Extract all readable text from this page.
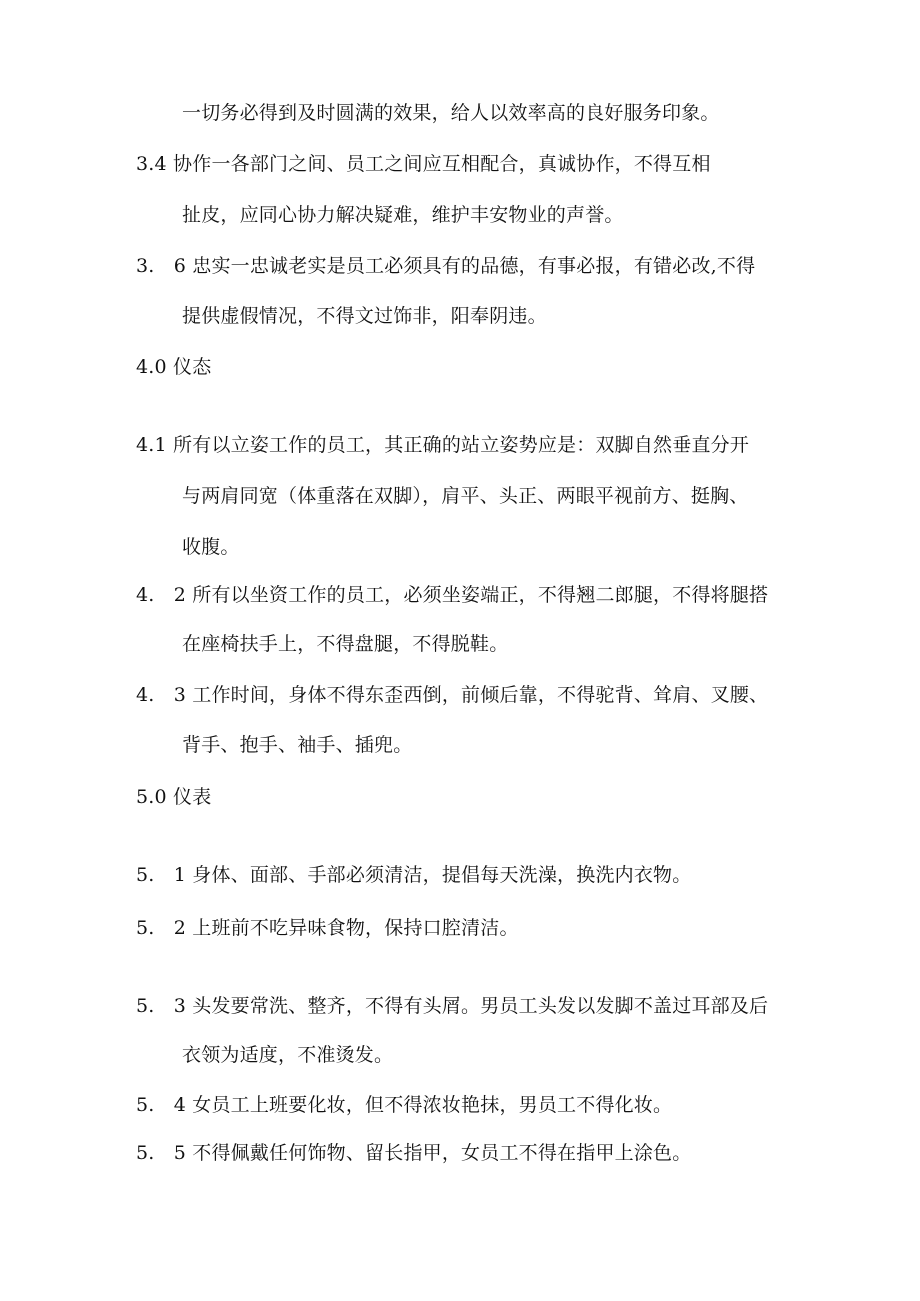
一切务必得到及时圆满的效果，给人以效率高的良好服务印象。
3.4 协作一各部门之间、员工之间应互相配合，真诚协作，不得互相
扯皮，应同心协力解决疑难，维护丰安物业的声誉。
3.　6 忠实一忠诚老实是员工必须具有的品德，有事必报，有错必改,不得
提供虚假情况，不得文过饰非，阳奉阴违。
4.0 仪态
4.1 所有以立姿工作的员工，其正确的站立姿势应是：双脚自然垂直分开
与两肩同宽（体重落在双脚），肩平、头正、两眼平视前方、挺胸、
收腹。
4.　2 所有以坐资工作的员工，必须坐姿端正，不得翘二郎腿，不得将腿搭
在座椅扶手上，不得盘腿，不得脱鞋。
4.　3 工作时间，身体不得东歪西倒，前倾后靠，不得驼背、耸肩、叉腰、
背手、抱手、袖手、插兜。
5.0 仪表
5.　1 身体、面部、手部必须清洁，提倡每天洗澡，换洗内衣物。
5.　2 上班前不吃异味食物，保持口腔清洁。
5.　3 头发要常洗、整齐，不得有头屑。男员工头发以发脚不盖过耳部及后
衣领为适度，不准烫发。
5.　4 女员工上班要化妆，但不得浓妆艳抹，男员工不得化妆。
5.　5 不得佩戴任何饰物、留长指甲，女员工不得在指甲上涂色。
